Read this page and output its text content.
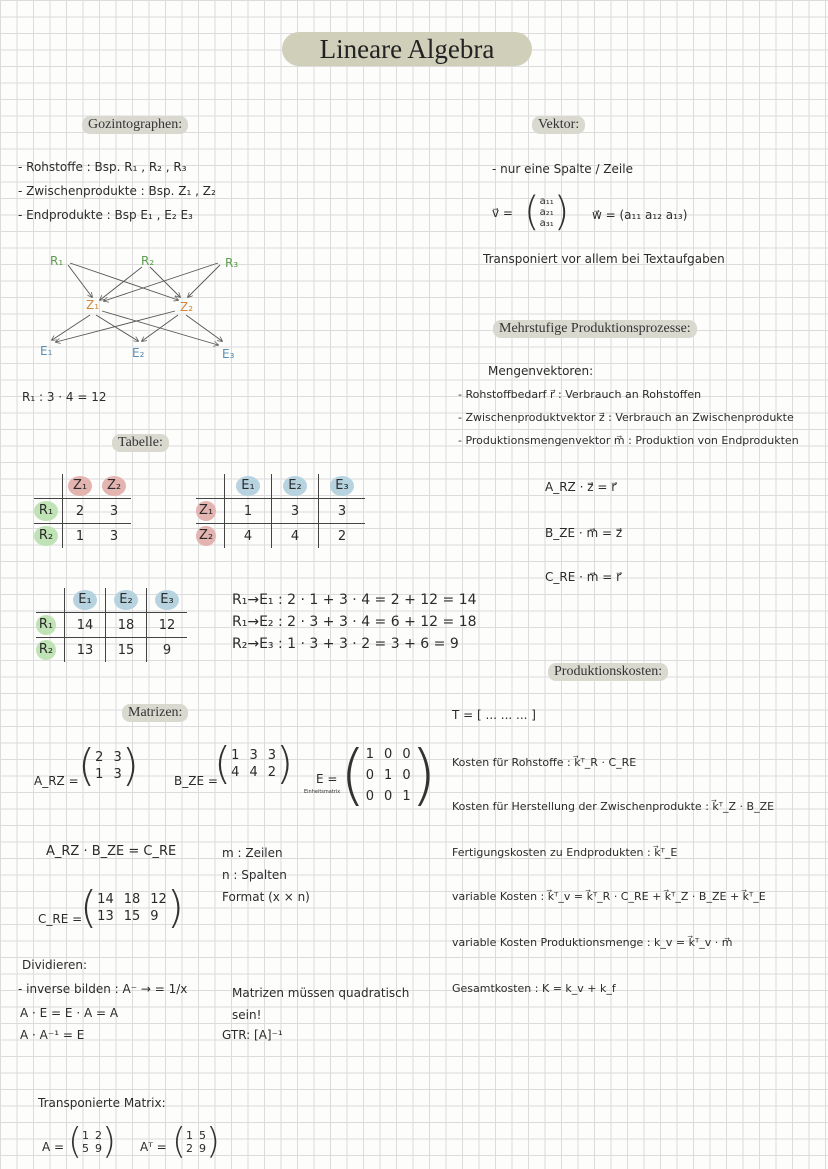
Lineare Algebra
Gozintographen:	Vektor:
Tabelle:
Mehrstufige Produktionsprozesse:
Produktionskosten:
Matrizen:
- Rohstoffe : Bsp. R₁ , R₂ , R₃
- Zwischenprodukte : Bsp. Z₁ , Z₂
- Endprodukte : Bsp E₁ , E₂ E₃
R₁	R₂	R₃
Z₁	Z₂
E₁	E₂	E₃
R₁ : 3 · 4 = 12
- nur eine Spalte / Zeile
v⃗ = ( a₁₁
a₂₁
a₃₁ ) w⃗ = (a₁₁ a₁₂ a₁₃)
Transponiert vor allem bei Textaufgaben
Mengenvektoren:
- Rohstoffbedarf r⃗ : Verbrauch an Rohstoffen
- Zwischenproduktvektor z⃗ : Verbrauch an Zwischenprodukte
- Produktionsmengenvektor m⃗ : Produktion von Endprodukten
A_RZ · z⃗ = r⃗
B_ZE · m⃗ = z⃗
C_RE · m⃗ = r⃗
	Z₁	Z₂
R₁	2	3
R₂	1	3
	E₁	E₂	E₃
Z₁	1	3	3
Z₂	4	4	2
	E₁	E₂	E₃
R₁	14	18	12
R₂	13	15	9
R₁→E₁ : 2 · 1 + 3 · 4 = 2 + 12 = 14
R₁→E₂ : 2 · 3 + 3 · 4 = 6 + 12 = 18
R₂→E₃ : 1 · 3 + 3 · 2 = 3 + 6 = 9
T = [ ... ... ... ]
Kosten für Rohstoffe : k⃗ᵀ_R · C_RE
Kosten für Herstellung der Zwischenprodukte : k⃗ᵀ_Z · B_ZE
Fertigungskosten zu Endprodukten : k⃗ᵀ_E
variable Kosten : k⃗ᵀ_v = k⃗ᵀ_R · C_RE + k⃗ᵀ_Z · B_ZE + k⃗ᵀ_E
variable Kosten Produktionsmenge : k_v = k⃗ᵀ_v · m⃗
Gesamtkosten : K = k_v + k_f
A_RZ = ( 2 3
1 3 )	B_ZE =
( 1 3 3
4 4 2 ) E =
Einheitsmatrix ( 1 0 0
0 1 0
0 0 1 )
A_RZ · B_ZE = C_RE	m : Zeilen
n : Spalten
Format (x × n)
C_RE =
( 14 18 12
13 15 9 )
Dividieren:
- inverse bilden : A⁻ → = 1/x	Matrizen müssen quadratisch sein!
A · E = E · A = A
A · A⁻¹ = E	GTR: [A]⁻¹
Transponierte Matrix:
A = ( 1 2
5 9 ) Aᵀ = ( 1 5
2 9 )
